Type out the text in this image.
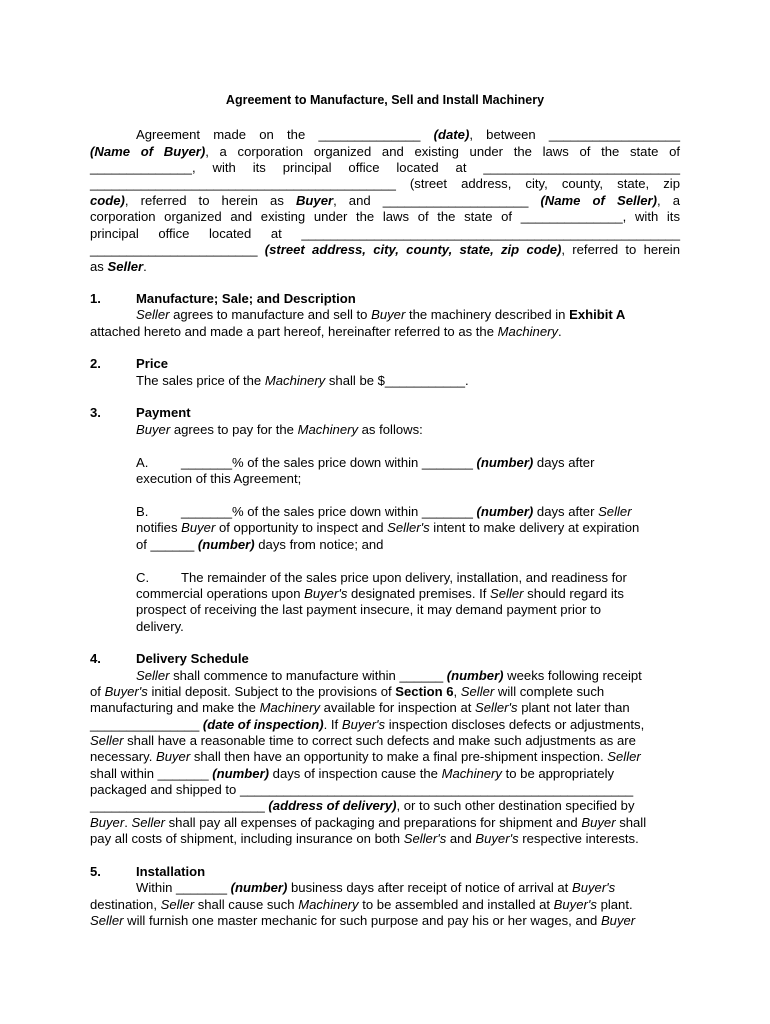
Agreement to Manufacture, Sell and Install Machinery
Agreement made on the ______________ (date), between __________________
(Name of Buyer), a corporation organized and existing under the laws of the state of
______________, with its principal office located at ___________________________
__________________________________________ (street address, city, county, state, zip
code), referred to herein as Buyer, and ____________________ (Name of Seller), a
corporation organized and existing under the laws of the state of ______________, with its
principal office located at ____________________________________________________
_______________________ (street address, city, county, state, zip code), referred to herein
as Seller.
1.	Manufacture; Sale; and Description
Seller agrees to manufacture and sell to Buyer the machinery described in Exhibit A
attached hereto and made a part hereof, hereinafter referred to as the Machinery.
2.	Price
The sales price of the Machinery shall be $___________.
3.	Payment
Buyer agrees to pay for the Machinery as follows:
A. _______% of the sales price down within _______ (number) days after
execution of this Agreement;
B. _______% of the sales price down within _______ (number) days after Seller
notifies Buyer of opportunity to inspect and Seller's intent to make delivery at expiration
of ______ (number) days from notice; and
C. The remainder of the sales price upon delivery, installation, and readiness for
commercial operations upon Buyer's designated premises. If Seller should regard its
prospect of receiving the last payment insecure, it may demand payment prior to
delivery.
4.	Delivery Schedule
Seller shall commence to manufacture within ______ (number) weeks following receipt
of Buyer's initial deposit. Subject to the provisions of Section 6, Seller will complete such
manufacturing and make the Machinery available for inspection at Seller's plant not later than
_______________ (date of inspection). If Buyer's inspection discloses defects or adjustments,
Seller shall have a reasonable time to correct such defects and make such adjustments as are
necessary. Buyer shall then have an opportunity to make a final pre-shipment inspection. Seller
shall within _______ (number) days of inspection cause the Machinery to be appropriately
packaged and shipped to ______________________________________________________
________________________ (address of delivery), or to such other destination specified by
Buyer. Seller shall pay all expenses of packaging and preparations for shipment and Buyer shall
pay all costs of shipment, including insurance on both Seller's and Buyer's respective interests.
5.	Installation
Within _______ (number) business days after receipt of notice of arrival at Buyer's
destination, Seller shall cause such Machinery to be assembled and installed at Buyer's plant.
Seller will furnish one master mechanic for such purpose and pay his or her wages, and Buyer
